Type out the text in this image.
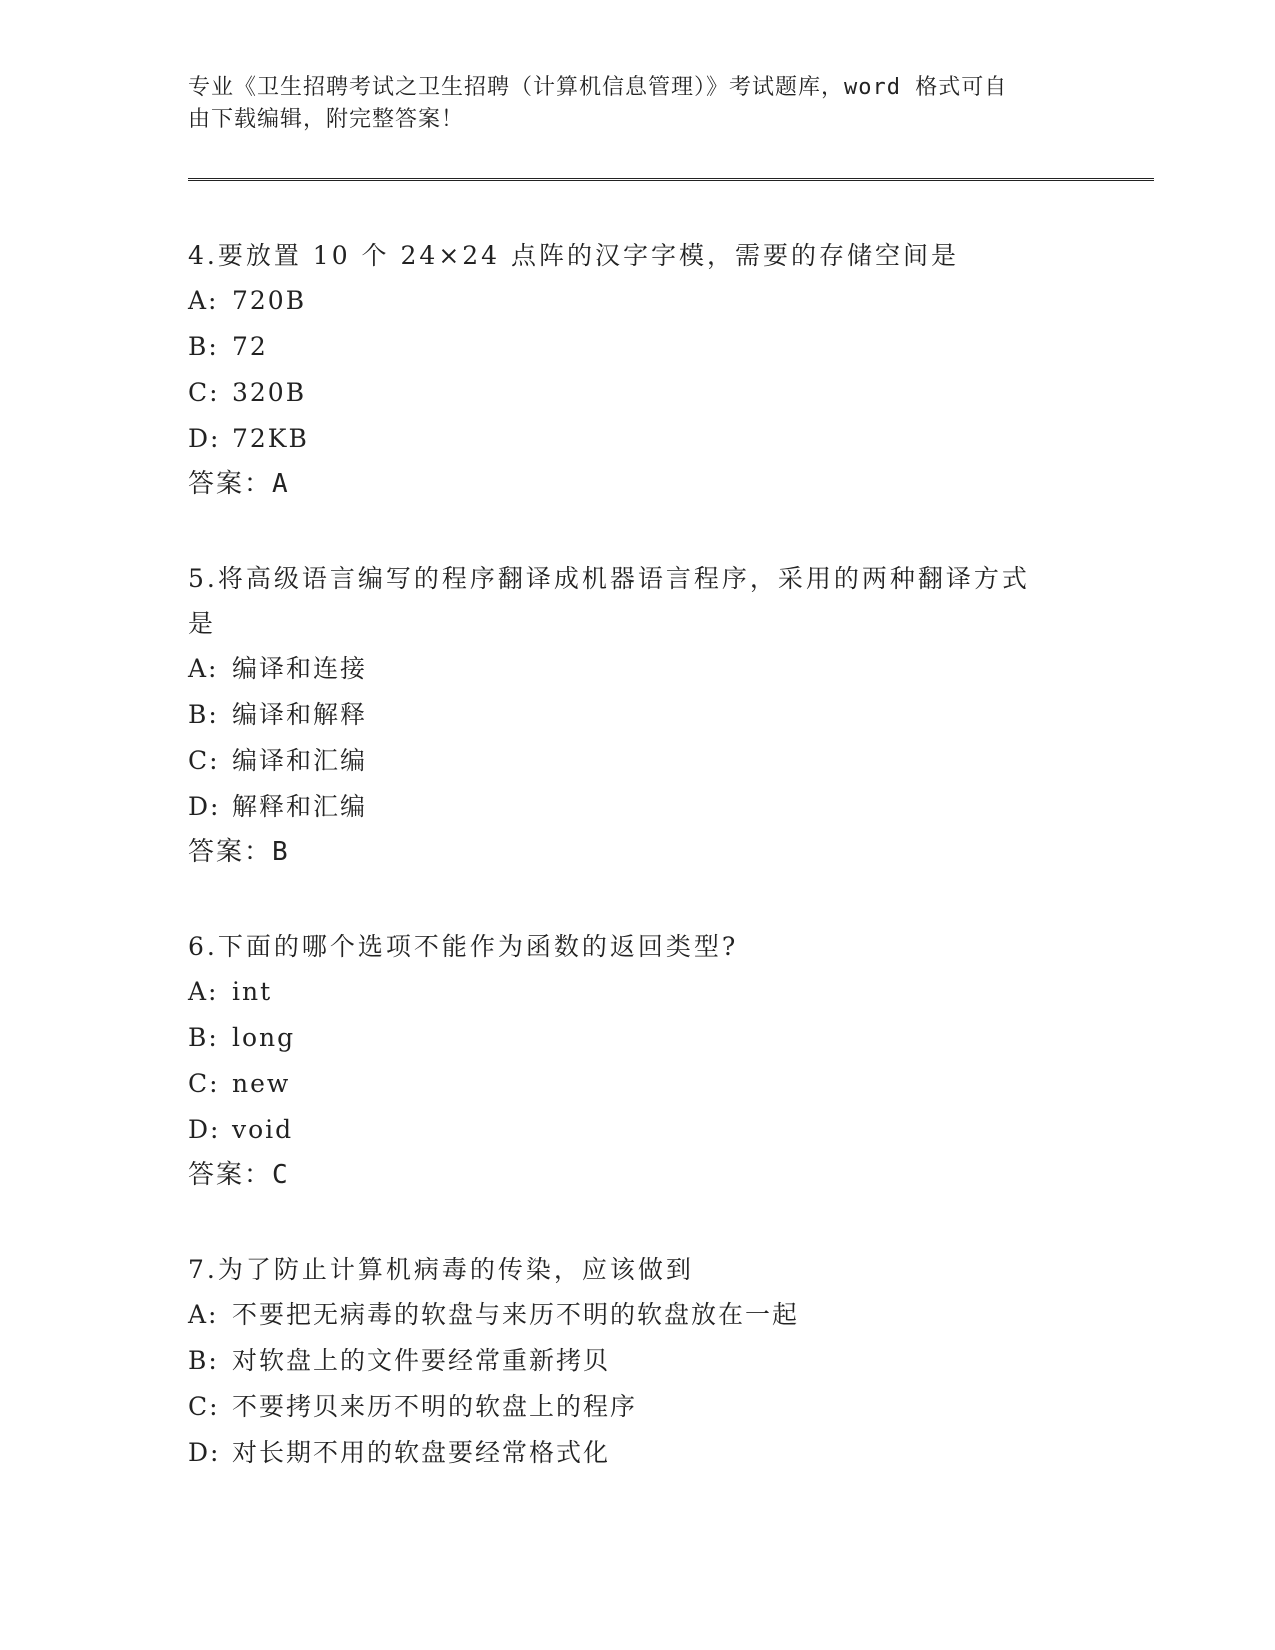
专业《卫生招聘考试之卫生招聘（计算机信息管理）》考试题库，word 格式可自
由下载编辑，附完整答案！

4.要放置 10 个 24×24 点阵的汉字字模，需要的存储空间是

A: 720B

B: 72

C: 320B

D: 72KB

答案：A

5.将高级语言编写的程序翻译成机器语言程序，采用的两种翻译方式

是

A: 编译和连接

B: 编译和解释

C: 编译和汇编

D: 解释和汇编

答案：B

6.下面的哪个选项不能作为函数的返回类型?

A: int

B: long

C: new

D: void

答案：C

7.为了防止计算机病毒的传染，应该做到

A: 不要把无病毒的软盘与来历不明的软盘放在一起

B: 对软盘上的文件要经常重新拷贝

C: 不要拷贝来历不明的软盘上的程序

D: 对长期不用的软盘要经常格式化
